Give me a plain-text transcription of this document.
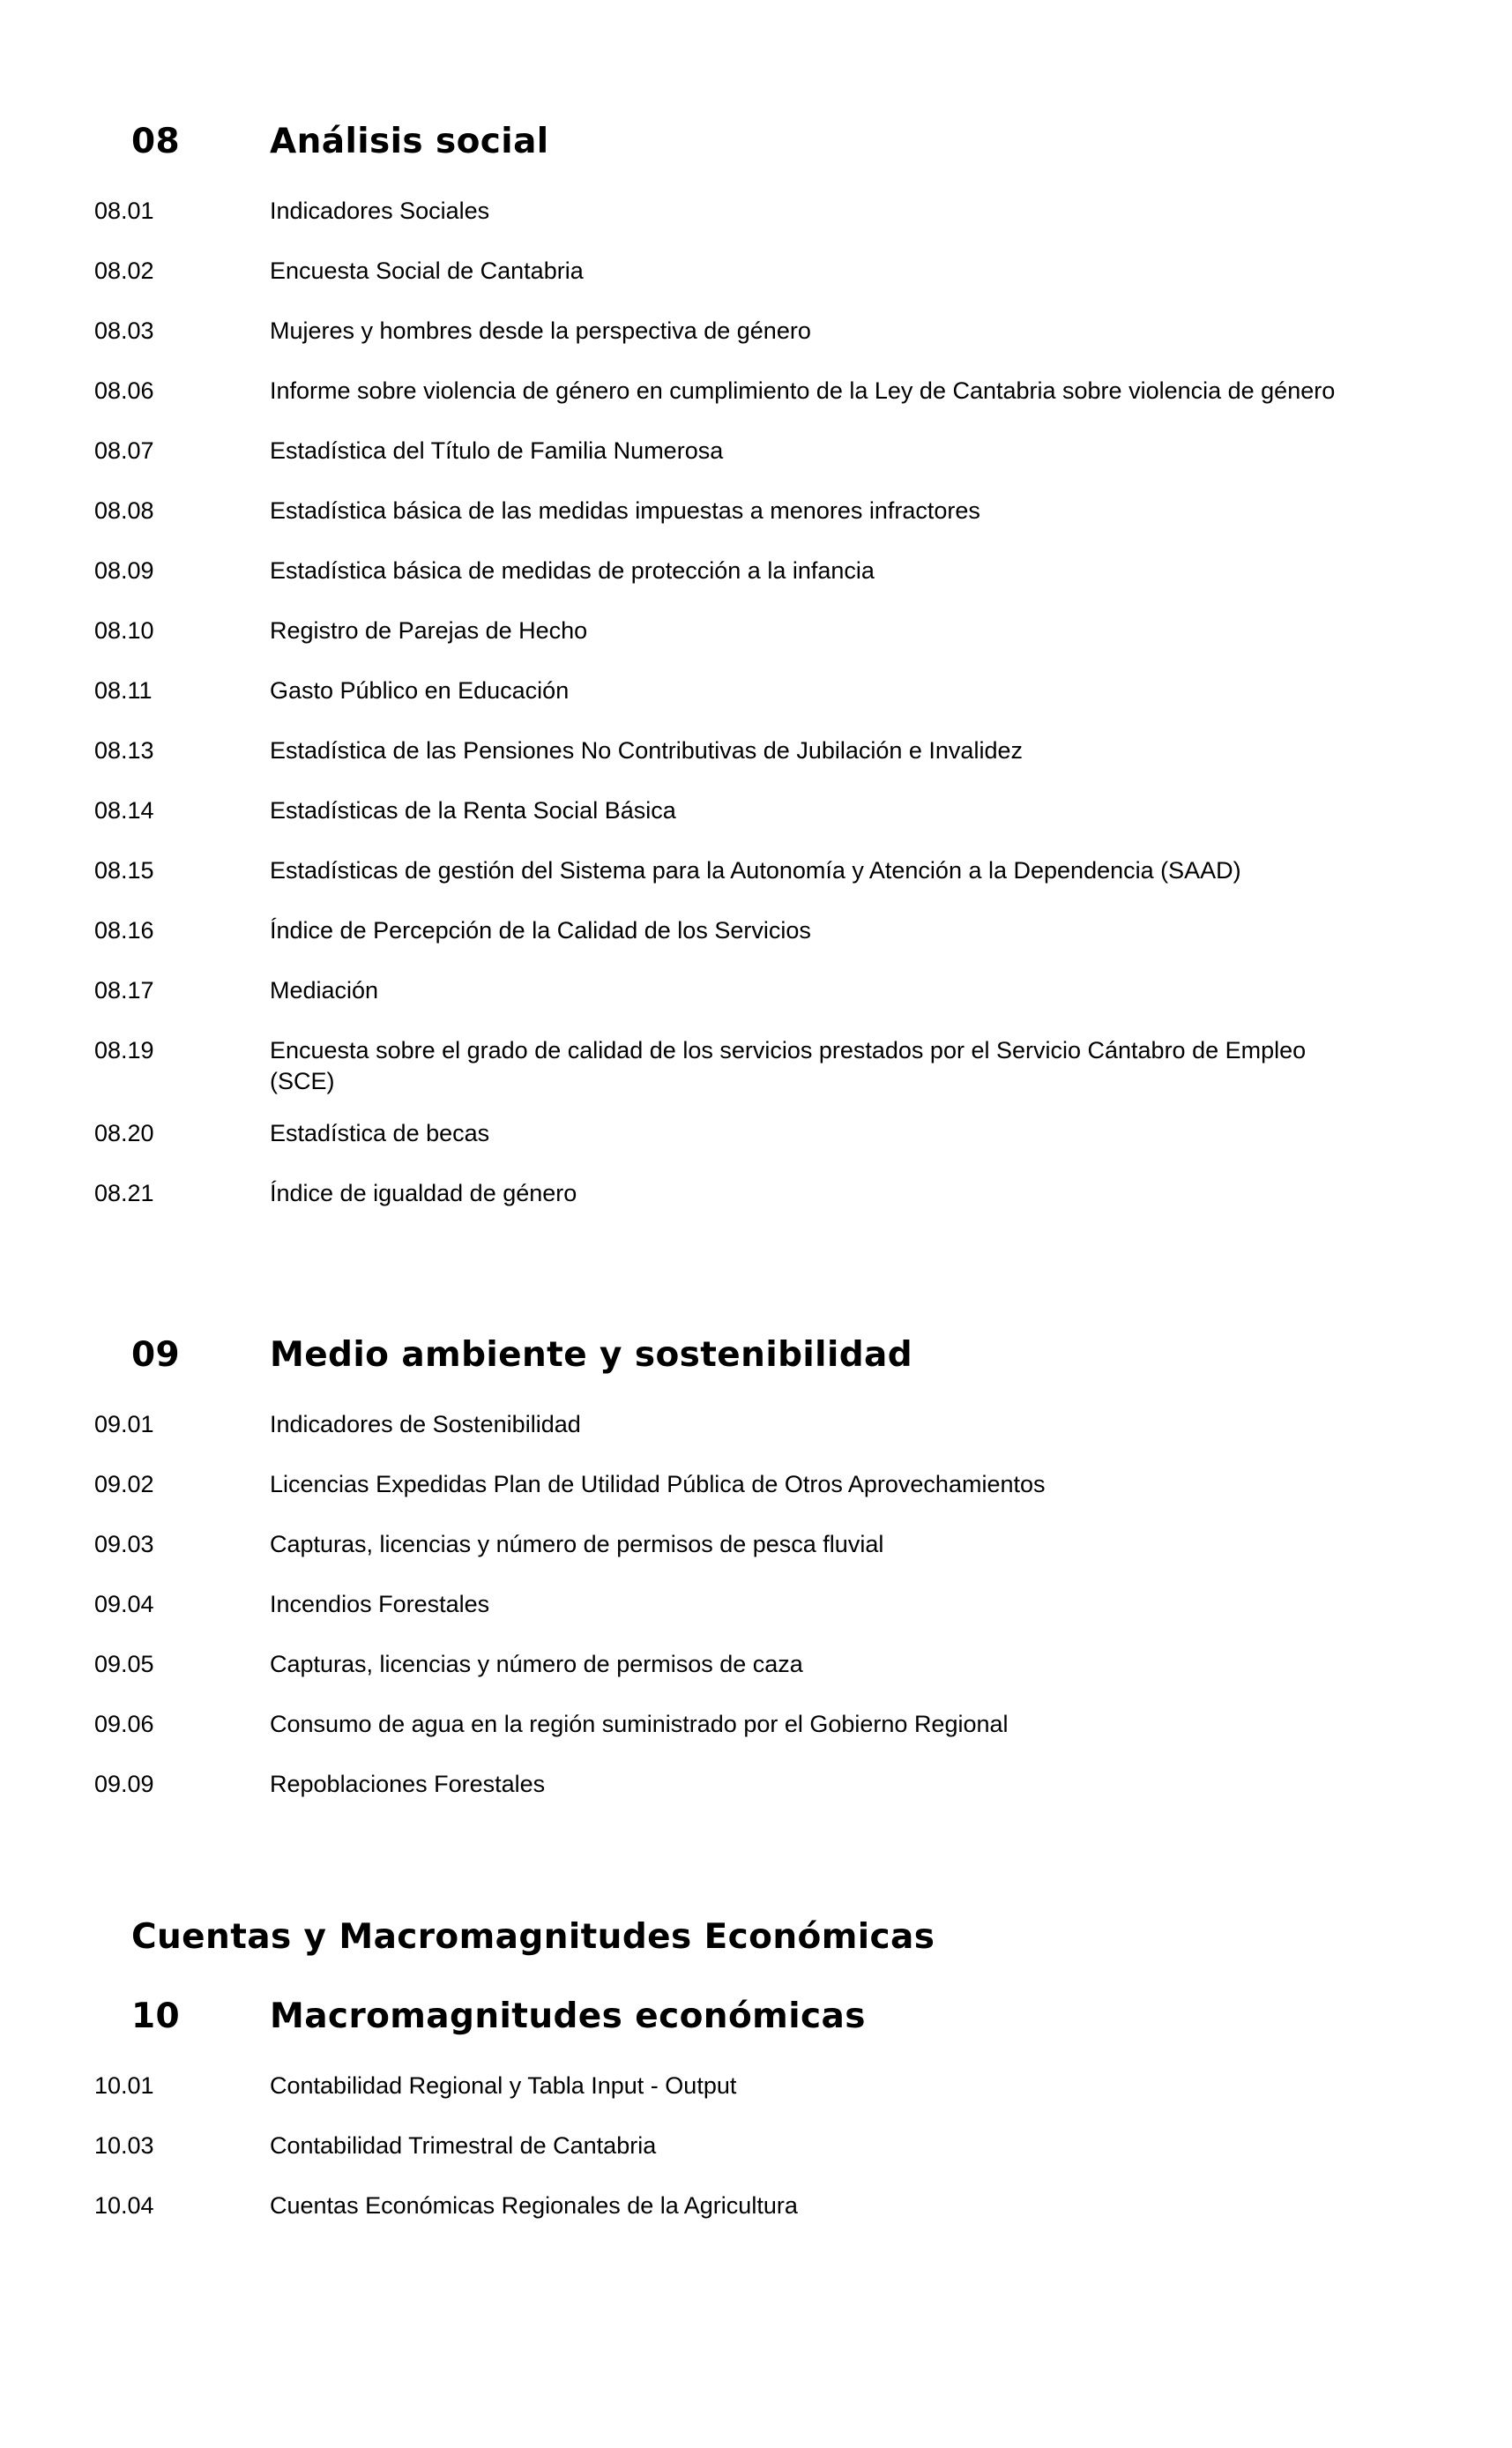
08	Análisis social
08.01	Indicadores Sociales
08.02	Encuesta Social de Cantabria
08.03	Mujeres y hombres desde la perspectiva de género
08.06	Informe sobre violencia de género en cumplimiento de la Ley de Cantabria sobre violencia de género
08.07	Estadística del Título de Familia Numerosa
08.08	Estadística básica de las medidas impuestas a menores infractores
08.09	Estadística básica de medidas de protección a la infancia
08.10	Registro de Parejas de Hecho
08.11	Gasto Público en Educación
08.13	Estadística de las Pensiones No Contributivas de Jubilación e Invalidez
08.14	Estadísticas de la Renta Social Básica
08.15	Estadísticas de gestión del Sistema para la Autonomía y Atención a la Dependencia (SAAD)
08.16	Índice de Percepción de la Calidad de los Servicios
08.17	Mediación
08.19	Encuesta sobre el grado de calidad de los servicios prestados por el Servicio Cántabro de Empleo (SCE)
08.20	Estadística de becas
08.21	Índice de igualdad de género
09	Medio ambiente y sostenibilidad
09.01	Indicadores de Sostenibilidad
09.02	Licencias Expedidas Plan de Utilidad Pública de Otros Aprovechamientos
09.03	Capturas, licencias y número de permisos de pesca fluvial
09.04	Incendios Forestales
09.05	Capturas, licencias y número de permisos de caza
09.06	Consumo de agua en la región suministrado por el Gobierno Regional
09.09	Repoblaciones Forestales
Cuentas y Macromagnitudes Económicas
10	Macromagnitudes económicas
10.01	Contabilidad Regional y Tabla Input - Output
10.03	Contabilidad Trimestral de Cantabria
10.04	Cuentas Económicas Regionales de la Agricultura
